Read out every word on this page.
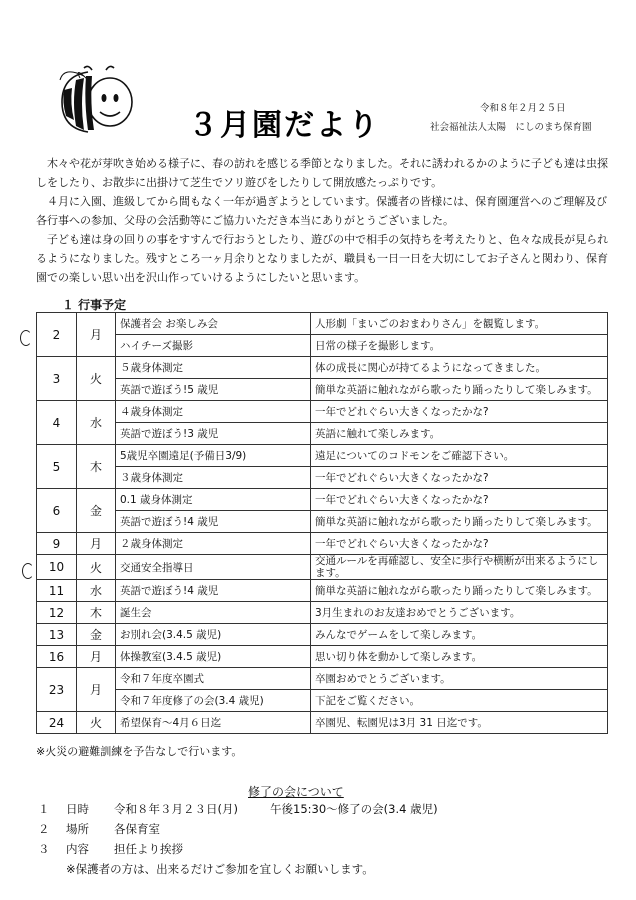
３月園だより	令和８年２月２５日
社会福祉法人太陽　にしのまち保育園

木々や花が芽吹き始める様子に、春の訪れを感じる季節となりました。それに誘われるかのように子ども達は虫探しをしたり、お散歩に出掛けて芝生でソリ遊びをしたりして開放感たっぷりです。

４月に入園、進級してから間もなく一年が過ぎようとしています。保護者の皆様には、保育園運営へのご理解及び各行事への参加、父母の会活動等にご協力いただき本当にありがとうございました。

子ども達は身の回りの事をすすんで行おうとしたり、遊びの中で相手の気持ちを考えたりと、色々な成長が見られるようになりました。残すところ一ヶ月余りとなりましたが、職員も一日一日を大切にしてお子さんと関わり、保育園での楽しい思い出を沢山作っていけるようにしたいと思います。

１ 行事予定
2	月	保護者会 お楽しみ会	人形劇「まいごのおまわりさん」を観覧します。
		ハイチーズ撮影	日常の様子を撮影します。
3	火	５歳身体測定	体の成長に関心が持てるようになってきました。
		英語で遊ぼう!5 歳児	簡単な英語に触れながら歌ったり踊ったりして楽しみます。
4	水	４歳身体測定	一年でどれぐらい大きくなったかな?
		英語で遊ぼう!3 歳児	英語に触れて楽しみます。
5	木	5歳児卒園遠足(予備日3/9)	遠足についてのコドモンをご確認下さい。
		３歳身体測定	一年でどれぐらい大きくなったかな?
6	金	0.1 歳身体測定	一年でどれぐらい大きくなったかな?
		英語で遊ぼう!4 歳児	簡単な英語に触れながら歌ったり踊ったりして楽しみます。
9	月	２歳身体測定	一年でどれぐらい大きくなったかな?
10	火	交通安全指導日	交通ルールを再確認し、安全に歩行や横断が出来るようにします。
11	水	英語で遊ぼう!4 歳児	簡単な英語に触れながら歌ったり踊ったりして楽しみます。
12	木	誕生会	3月生まれのお友達おめでとうございます。
13	金	お別れ会(3.4.5 歳児)	みんなでゲームをして楽しみます。
16	月	体操教室(3.4.5 歳児)	思い切り体を動かして楽しみます。
23	月	令和７年度卒園式	卒園おめでとうございます。
		令和７年度修了の会(3.4 歳児)	下記をご覧ください。
24	火	希望保育～4月６日迄	卒園児、転園児は3月 31 日迄です。
※火災の避難訓練を予告なしで行います。
修了の会について
１ 日時 令和８年３月２３日(月)	午後15:30～修了の会(3.4 歳児)
２ 場所 各保育室
３ 内容 担任より挨拶
※保護者の方は、出来るだけご参加を宜しくお願いします。
